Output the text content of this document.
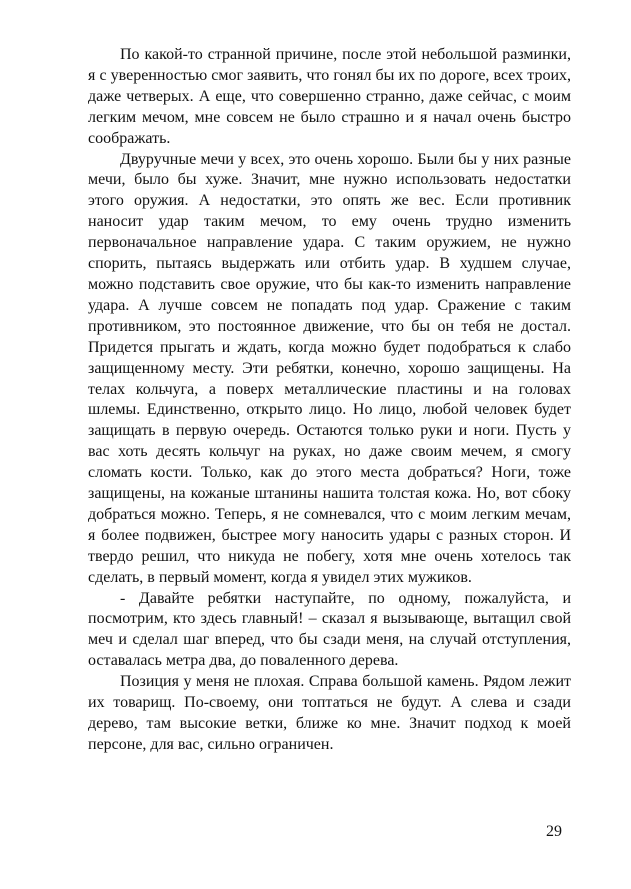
По какой-то странной причине, после этой небольшой разминки, я с уверенностью смог заявить, что гонял бы их по дороге, всех троих, даже четверых. А еще, что совершенно странно, даже сейчас, с моим легким мечом, мне совсем не было страшно и я начал очень быстро соображать.

Двуручные мечи у всех, это очень хорошо. Были бы у них разные мечи, было бы хуже. Значит, мне нужно использовать недостатки этого оружия. А недостатки, это опять же вес. Если противник наносит удар таким мечом, то ему очень трудно изменить первоначальное направление удара. С таким оружием, не нужно спорить, пытаясь выдержать или отбить удар. В худшем случае, можно подставить свое оружие, что бы как-то изменить направление удара. А лучше совсем не попадать под удар. Сражение с таким противником, это постоянное движение, что бы он тебя не достал. Придется прыгать и ждать, когда можно будет подобраться к слабо защищенному месту. Эти ребятки, конечно, хорошо защищены. На телах кольчуга, а поверх металлические пластины и на головах шлемы. Единственно, открыто лицо. Но лицо, любой человек будет защищать в первую очередь. Остаются только руки и ноги. Пусть у вас хоть десять кольчуг на руках, но даже своим мечем, я смогу сломать кости. Только, как до этого места добраться? Ноги, тоже защищены, на кожаные штанины нашита толстая кожа. Но, вот сбоку добраться можно. Теперь, я не сомневался, что с моим легким мечам, я более подвижен, быстрее могу наносить удары с разных сторон. И твердо решил, что никуда не побегу, хотя мне очень хотелось так сделать, в первый момент, когда я увидел этих мужиков.

- Давайте ребятки наступайте, по одному, пожалуйста, и посмотрим, кто здесь главный! – сказал я вызывающе, вытащил свой меч и сделал шаг вперед, что бы сзади меня, на случай отступления, оставалась метра два, до поваленного дерева.

Позиция у меня не плохая. Справа большой камень. Рядом лежит их товарищ. По-своему, они топтаться не будут. А слева и сзади дерево, там высокие ветки, ближе ко мне. Значит подход к моей персоне, для вас, сильно ограничен.

29
